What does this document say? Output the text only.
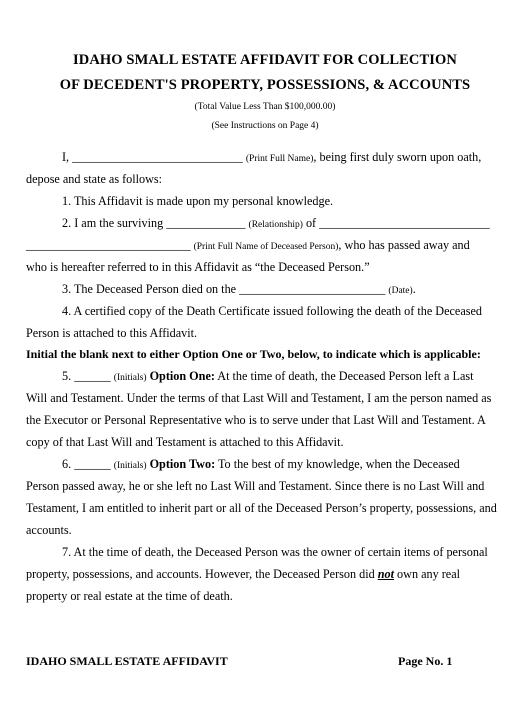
IDAHO SMALL ESTATE AFFIDAVIT FOR COLLECTION
OF DECEDENT'S PROPERTY, POSSESSIONS, & ACCOUNTS
(Total Value Less Than $100,000.00)
(See Instructions on Page 4)
I, ____________________________ (Print Full Name), being first duly sworn upon oath,
depose and state as follows:
1. This Affidavit is made upon my personal knowledge.
2. I am the surviving _____________ (Relationship) of ____________________________
___________________________ (Print Full Name of Deceased Person), who has passed away and
who is hereafter referred to in this Affidavit as “the Deceased Person.”
3. The Deceased Person died on the ________________________ (Date).
4. A certified copy of the Death Certificate issued following the death of the Deceased
Person is attached to this Affidavit.
Initial the blank next to either Option One or Two, below, to indicate which is applicable:
5. ______ (Initials) Option One: At the time of death, the Deceased Person left a Last
Will and Testament. Under the terms of that Last Will and Testament, I am the person named as
the Executor or Personal Representative who is to serve under that Last Will and Testament. A
copy of that Last Will and Testament is attached to this Affidavit.
6. ______ (Initials) Option Two: To the best of my knowledge, when the Deceased
Person passed away, he or she left no Last Will and Testament. Since there is no Last Will and
Testament, I am entitled to inherit part or all of the Deceased Person’s property, possessions, and
accounts.
7. At the time of death, the Deceased Person was the owner of certain items of personal
property, possessions, and accounts. However, the Deceased Person did not own any real
property or real estate at the time of death.
IDAHO SMALL ESTATE AFFIDAVIT	Page No. 1
